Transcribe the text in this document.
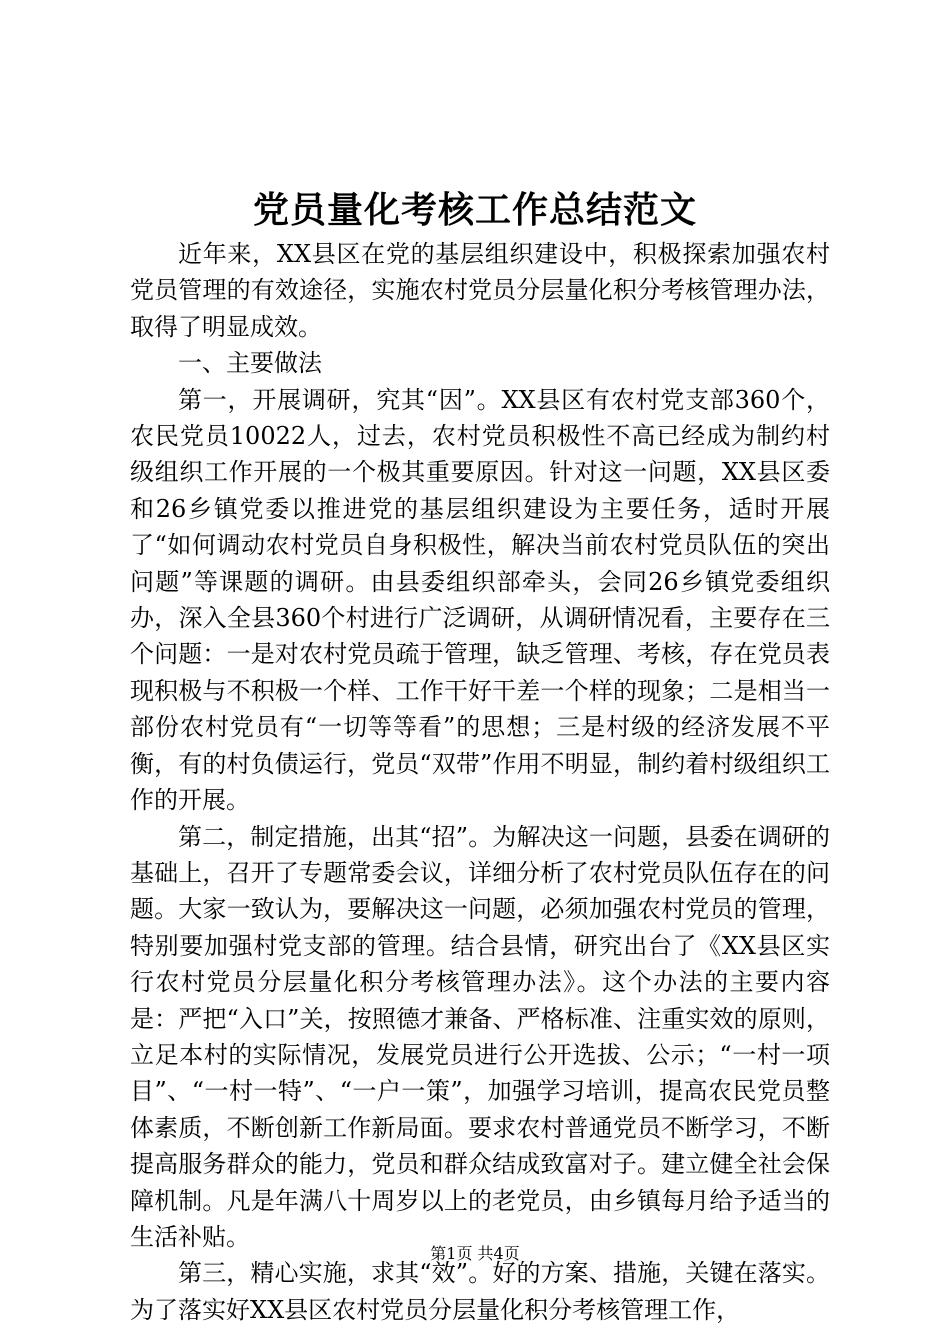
党员量化考核工作总结范文

近年来，XX县区在党的基层组织建设中，积极探索加强农村党员管理的有效途径，实施农村党员分层量化积分考核管理办法，取得了明显成效。

一、主要做法

第一，开展调研，究其“因”。XX县区有农村党支部360个，农民党员10022人，过去，农村党员积极性不高已经成为制约村级组织工作开展的一个极其重要原因。针对这一问题，XX县区委和26乡镇党委以推进党的基层组织建设为主要任务，适时开展了“如何调动农村党员自身积极性，解决当前农村党员队伍的突出问题”等课题的调研。由县委组织部牵头，会同26乡镇党委组织办，深入全县360个村进行广泛调研，从调研情况看，主要存在三个问题：一是对农村党员疏于管理，缺乏管理、考核，存在党员表现积极与不积极一个样、工作干好干差一个样的现象；二是相当一部份农村党员有“一切等等看”的思想；三是村级的经济发展不平衡，有的村负债运行，党员“双带”作用不明显，制约着村级组织工作的开展。

第二，制定措施，出其“招”。为解决这一问题，县委在调研的基础上，召开了专题常委会议，详细分析了农村党员队伍存在的问题。大家一致认为，要解决这一问题，必须加强农村党员的管理，特别要加强村党支部的管理。结合县情，研究出台了《XX县区实行农村党员分层量化积分考核管理办法》。这个办法的主要内容是：严把“入口”关，按照德才兼备、严格标准、注重实效的原则，立足本村的实际情况，发展党员进行公开选拔、公示；“一村一项目”、“一村一特”、“一户一策”，加强学习培训，提高农民党员整体素质，不断创新工作新局面。要求农村普通党员不断学习，不断提高服务群众的能力，党员和群众结成致富对子。建立健全社会保障机制。凡是年满八十周岁以上的老党员，由乡镇每月给予适当的生活补贴。

第三，精心实施，求其“效”。好的方案、措施，关键在落实。为了落实好XX县区农村党员分层量化积分考核管理工作，

第1页 共4页
